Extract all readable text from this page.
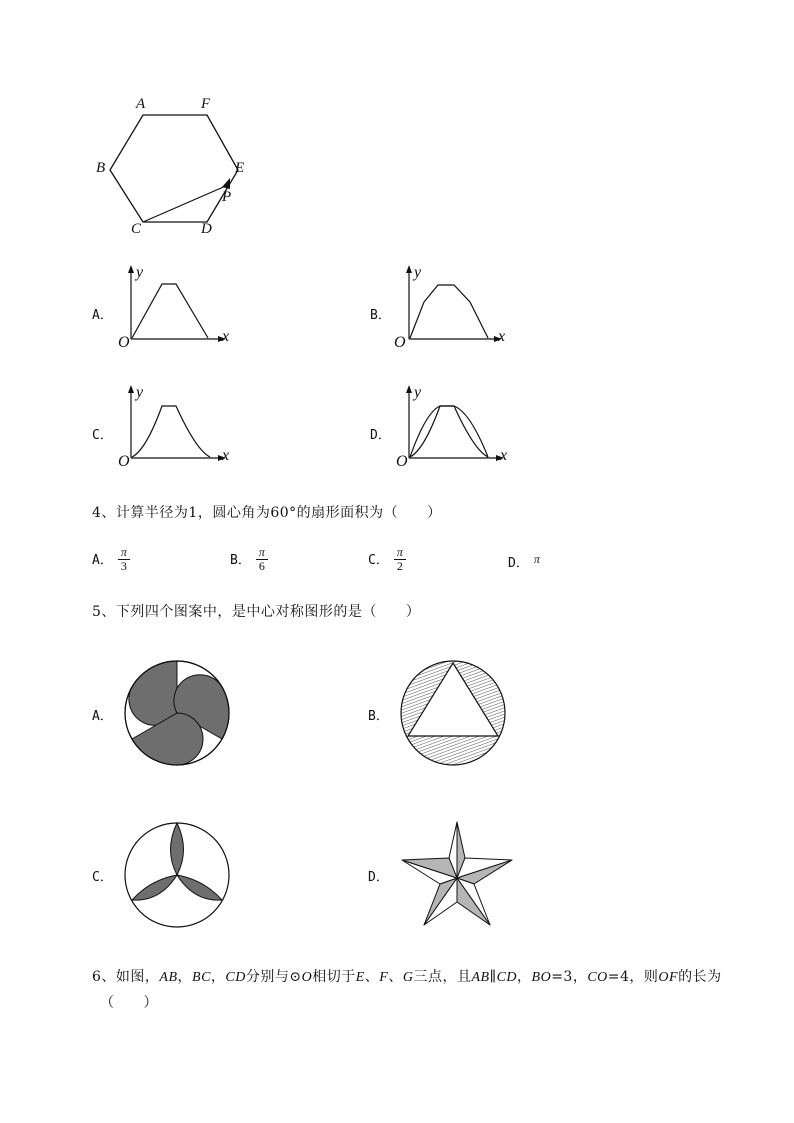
A	F
B	E
P
C	D
A．
y
x
O
B．
y
x
O
C．
y
x
O
D．
y
x
O
4、计算半径为1，圆心角为60°的扇形面积为（　　）
A． $\frac{\pi}{3}$	B． $\frac{\pi}{6}$	C． $\frac{\pi}{2}$	D． $^\pi$
5、下列四个图案中，是中心对称图形的是（　　）
A．	B．
C．	D．
6、如图，AB，BC，CD分别与⊙O相切于E、F、G三点，且AB∥CD，BO=3，CO=4，则OF的长为
（　　）
